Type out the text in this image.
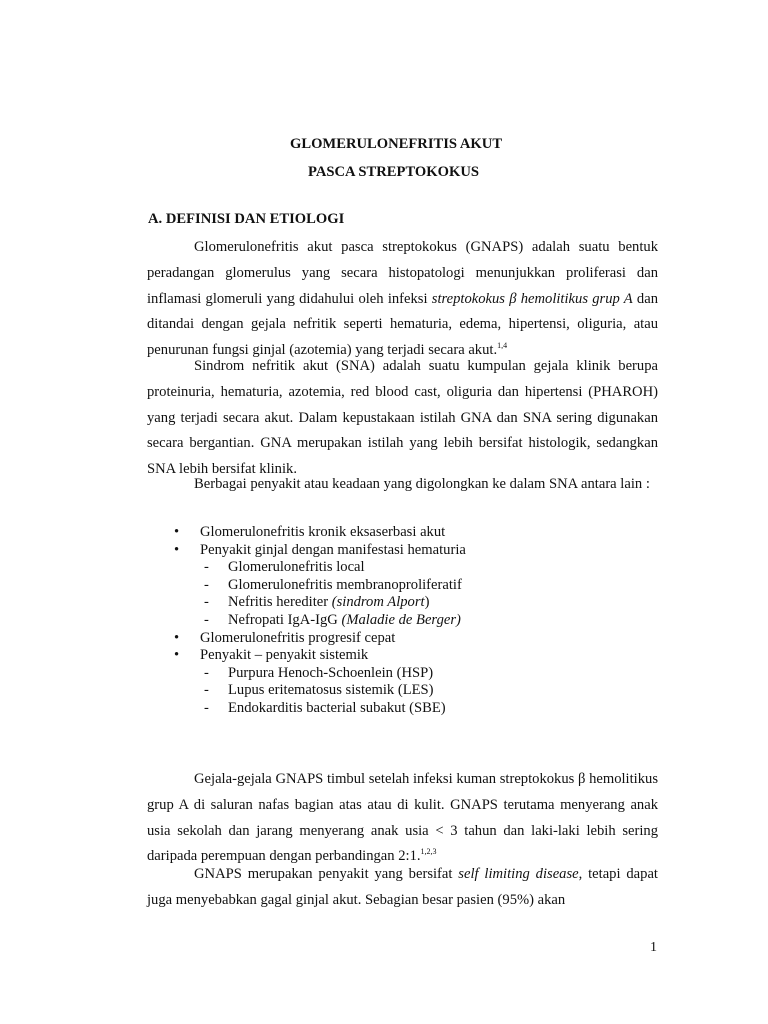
GLOMERULONEFRITIS AKUT
PASCA STREPTOKOKUS
A. DEFINISI DAN ETIOLOGI
Glomerulonefritis akut pasca streptokokus (GNAPS) adalah suatu bentuk peradangan glomerulus yang secara histopatologi menunjukkan proliferasi dan inflamasi glomeruli yang didahului oleh infeksi streptokokus β hemolitikus grup A dan ditandai dengan gejala nefritik seperti hematuria, edema, hipertensi, oliguria, atau penurunan fungsi ginjal (azotemia) yang terjadi secara akut.$^{1,4}$
Sindrom nefritik akut (SNA) adalah suatu kumpulan gejala klinik berupa proteinuria, hematuria, azotemia, red blood cast, oliguria dan hipertensi (PHAROH) yang terjadi secara akut. Dalam kepustakaan istilah GNA dan SNA sering digunakan secara bergantian. GNA merupakan istilah yang lebih bersifat histologik, sedangkan SNA lebih bersifat klinik.
Berbagai penyakit atau keadaan yang digolongkan ke dalam SNA antara lain :
• Glomerulonefritis kronik eksaserbasi akut
• Penyakit ginjal dengan manifestasi hematuria
- Glomerulonefritis local
- Glomerulonefritis membranoproliferatif
- Nefritis herediter (sindrom Alport)
- Nefropati IgA-IgG (Maladie de Berger)
• Glomerulonefritis progresif cepat
• Penyakit – penyakit sistemik
- Purpura Henoch-Schoenlein (HSP)
- Lupus eritematosus sistemik (LES)
- Endokarditis bacterial subakut (SBE)
Gejala-gejala GNAPS timbul setelah infeksi kuman streptokokus β hemolitikus grup A di saluran nafas bagian atas atau di kulit. GNAPS terutama menyerang anak usia sekolah dan jarang menyerang anak usia < 3 tahun dan laki-laki lebih sering daripada perempuan dengan perbandingan 2:1.$^{1,2,3}$
GNAPS merupakan penyakit yang bersifat self limiting disease, tetapi dapat juga menyebabkan gagal ginjal akut. Sebagian besar pasien (95%) akan
1
